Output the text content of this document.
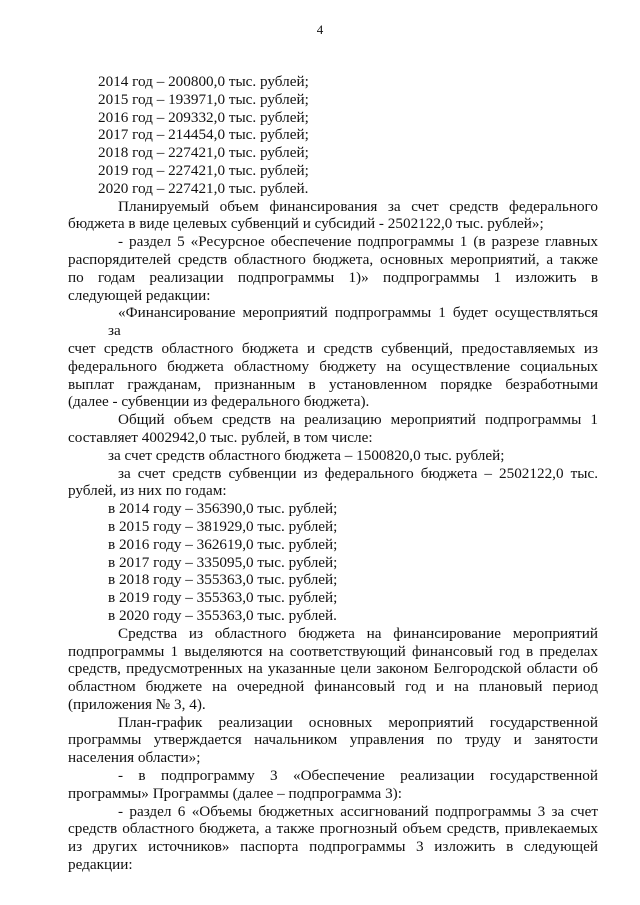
4
2014 год – 200800,0 тыс. рублей;
2015 год – 193971,0 тыс. рублей;
2016 год – 209332,0 тыс. рублей;
2017 год – 214454,0 тыс. рублей;
2018 год – 227421,0 тыс. рублей;
2019 год – 227421,0 тыс. рублей;
2020 год – 227421,0 тыс. рублей.
Планируемый объем финансирования за счет средств федерального
бюджета в виде целевых субвенций и субсидий - 2502122,0 тыс. рублей»;
- раздел 5 «Ресурсное обеспечение подпрограммы 1 (в разрезе главных
распорядителей средств областного бюджета, основных мероприятий, а также
по годам реализации подпрограммы 1)» подпрограммы 1 изложить в
следующей редакции:
«Финансирование мероприятий подпрограммы 1 будет осуществляться за
счет средств областного бюджета и средств субвенций, предоставляемых из
федерального бюджета областному бюджету на осуществление социальных
выплат гражданам, признанным в установленном порядке безработными
(далее - субвенции из федерального бюджета).
Общий объем средств на реализацию мероприятий подпрограммы 1
составляет 4002942,0 тыс. рублей, в том числе:
за счет средств областного бюджета – 1500820,0 тыс. рублей;
за счет средств субвенции из федерального бюджета – 2502122,0 тыс.
рублей, из них по годам:
в 2014 году – 356390,0 тыс. рублей;
в 2015 году – 381929,0 тыс. рублей;
в 2016 году – 362619,0 тыс. рублей;
в 2017 году – 335095,0 тыс. рублей;
в 2018 году – 355363,0 тыс. рублей;
в 2019 году – 355363,0 тыс. рублей;
в 2020 году – 355363,0 тыс. рублей.
Средства из областного бюджета на финансирование мероприятий
подпрограммы 1 выделяются на соответствующий финансовый год в пределах
средств, предусмотренных на указанные цели законом Белгородской области об
областном бюджете на очередной финансовый год и на плановый период
(приложения № 3, 4).
План-график реализации основных мероприятий государственной
программы утверждается начальником управления по труду и занятости
населения области»;
- в подпрограмму 3 «Обеспечение реализации государственной
программы» Программы (далее – подпрограмма 3):
- раздел 6 «Объемы бюджетных ассигнований подпрограммы 3 за счет
средств областного бюджета, а также прогнозный объем средств, привлекаемых
из других источников» паспорта подпрограммы 3 изложить в следующей
редакции:
